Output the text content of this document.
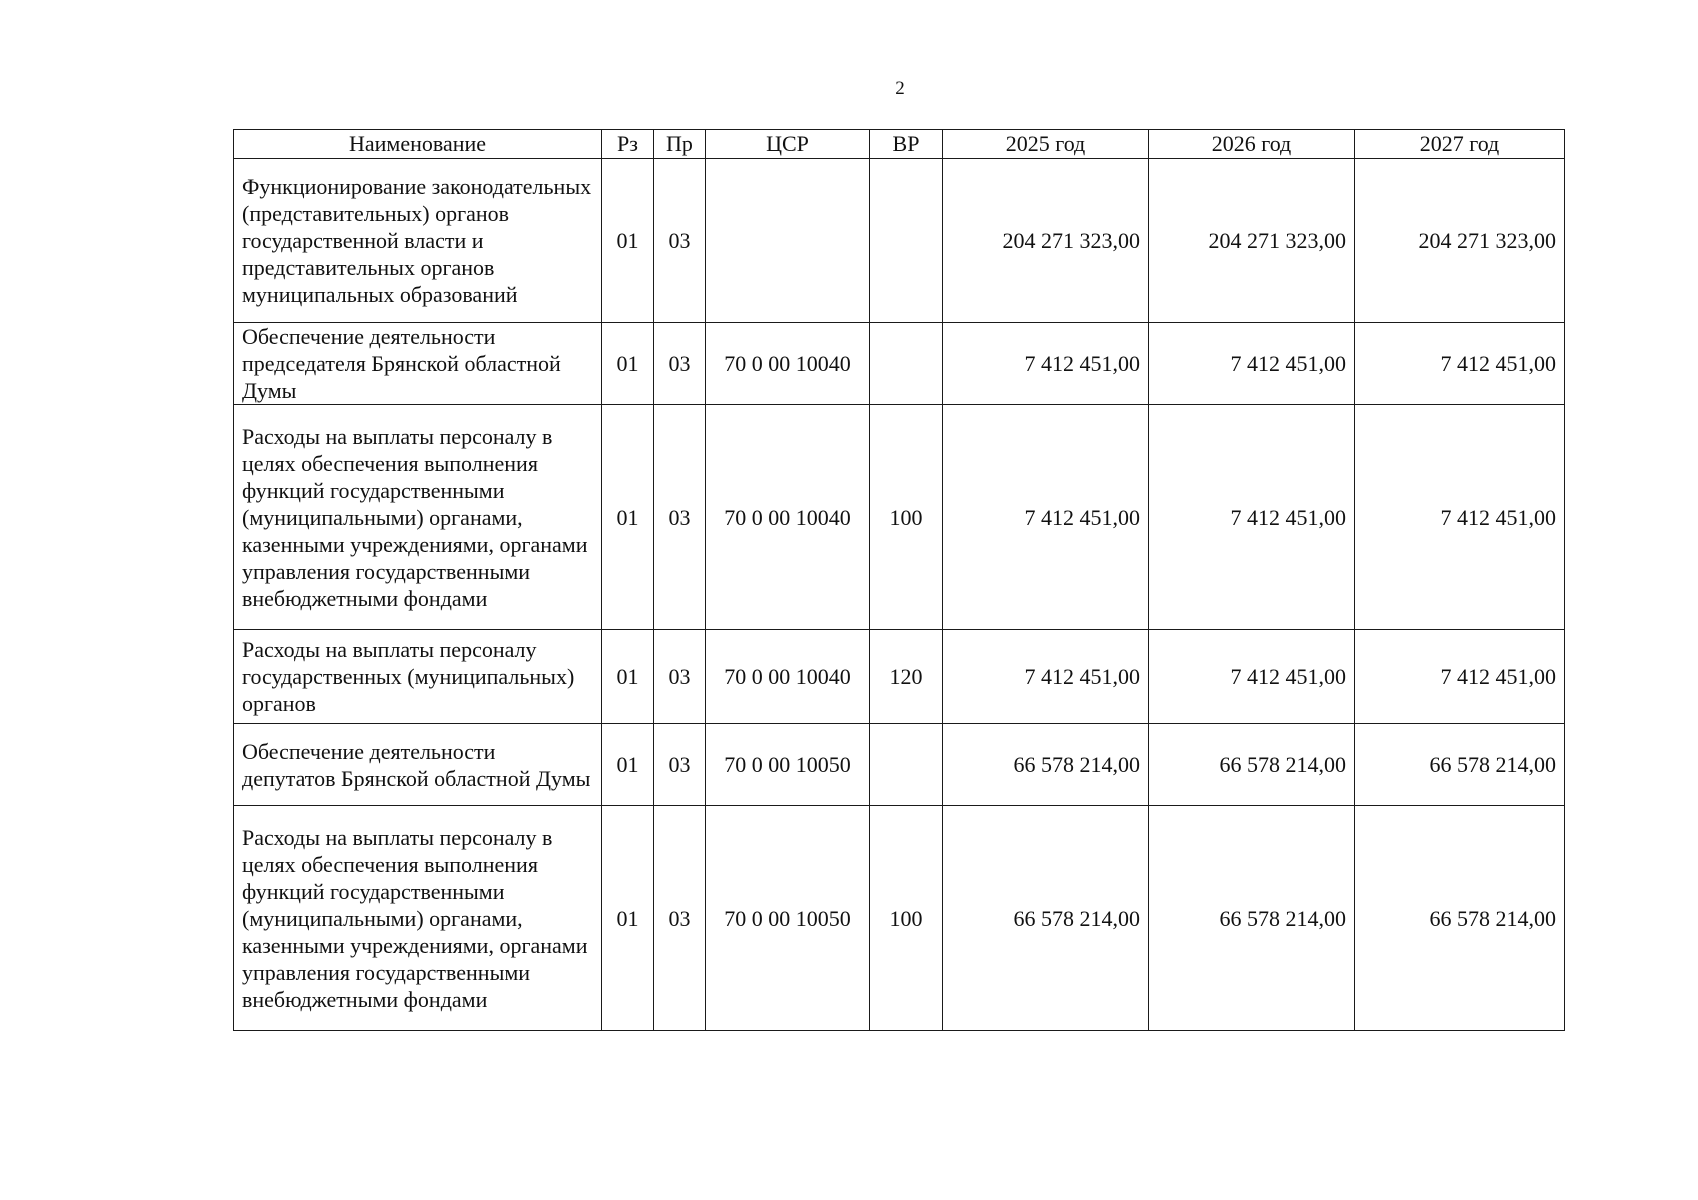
2
Наименование	Рз	Пр	ЦСР	ВР	2025 год	2026 год	2027 год
Функционирование законодательных (представительных) органов государственной власти и представительных органов муниципальных образований	01	03			204 271 323,00	204 271 323,00	204 271 323,00
Обеспечение деятельности председателя Брянской областной Думы	01	03	70 0 00 10040		7 412 451,00	7 412 451,00	7 412 451,00
Расходы на выплаты персоналу в целях обеспечения выполнения функций государственными (муниципальными) органами, казенными учреждениями, органами управления государственными внебюджетными фондами	01	03	70 0 00 10040	100	7 412 451,00	7 412 451,00	7 412 451,00
Расходы на выплаты персоналу государственных (муниципальных) органов	01	03	70 0 00 10040	120	7 412 451,00	7 412 451,00	7 412 451,00
Обеспечение деятельности депутатов Брянской областной Думы	01	03	70 0 00 10050		66 578 214,00	66 578 214,00	66 578 214,00
Расходы на выплаты персоналу в целях обеспечения выполнения функций государственными (муниципальными) органами, казенными учреждениями, органами управления государственными внебюджетными фондами	01	03	70 0 00 10050	100	66 578 214,00	66 578 214,00	66 578 214,00
